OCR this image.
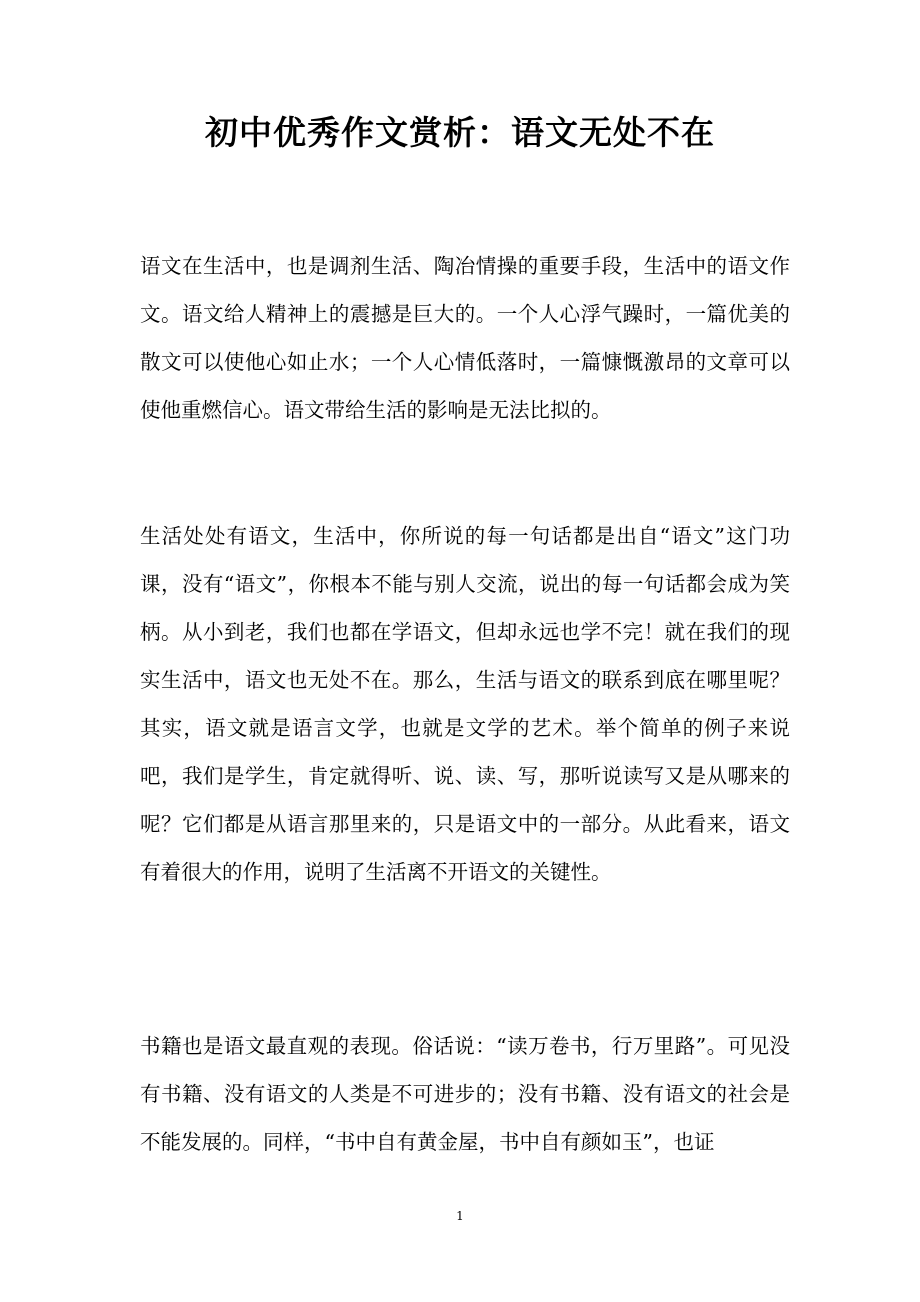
初中优秀作文赏析：语文无处不在

语文在生活中，也是调剂生活、陶冶情操的重要手段，生活中的语文作文。语文给人精神上的震撼是巨大的。一个人心浮气躁时，一篇优美的散文可以使他心如止水；一个人心情低落时，一篇慷慨激昂的文章可以使他重燃信心。语文带给生活的影响是无法比拟的。

生活处处有语文，生活中，你所说的每一句话都是出自“语文”这门功课，没有“语文”，你根本不能与别人交流，说出的每一句话都会成为笑柄。从小到老，我们也都在学语文，但却永远也学不完！就在我们的现实生活中，语文也无处不在。那么，生活与语文的联系到底在哪里呢？其实，语文就是语言文学，也就是文学的艺术。举个简单的例子来说吧，我们是学生，肯定就得听、说、读、写，那听说读写又是从哪来的呢？它们都是从语言那里来的，只是语文中的一部分。从此看来，语文有着很大的作用，说明了生活离不开语文的关键性。

书籍也是语文最直观的表现。俗话说：“读万卷书，行万里路”。可见没有书籍、没有语文的人类是不可进步的；没有书籍、没有语文的社会是不能发展的。同样，“书中自有黄金屋，书中自有颜如玉”，也证

1
